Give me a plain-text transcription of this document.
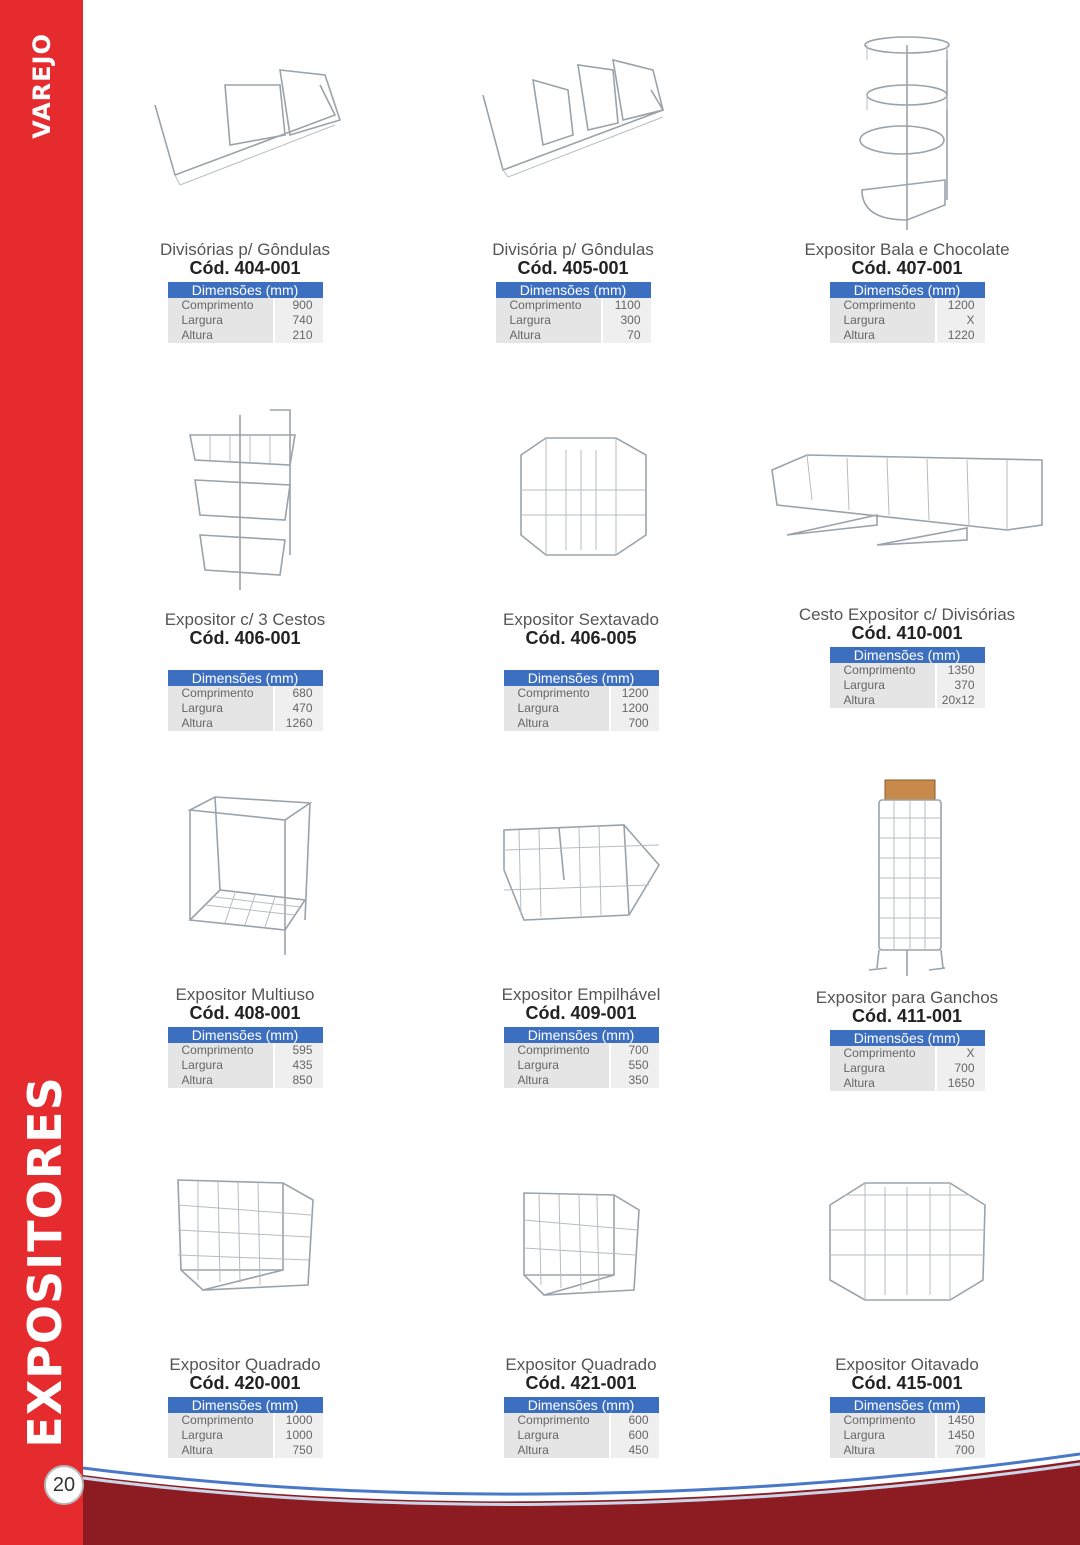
VAREJO
EXPOSITORES
20
Divisórias p/ Gôndulas
Cód. 404-001
Dimensões (mm)
Comprimento	900
Largura	740
Altura	210
Divisória p/ Gôndulas
Cód. 405-001
Dimensões (mm)
Comprimento	1100
Largura	300
Altura	70
Expositor Bala e Chocolate
Cód. 407-001
Dimensões (mm)
Comprimento	1200
Largura	X
Altura	1220
Expositor c/ 3 Cestos
Cód. 406-001
Dimensões (mm)
Comprimento	680
Largura	470
Altura	1260
Expositor Sextavado
Cód. 406-005
Dimensões (mm)
Comprimento	1200
Largura	1200
Altura	700
Cesto Expositor c/ Divisórias
Cód. 410-001
Dimensões (mm)
Comprimento	1350
Largura	370
Altura	20x12
Expositor Multiuso
Cód. 408-001
Dimensões (mm)
Comprimento	595
Largura	435
Altura	850
Expositor Empilhável
Cód. 409-001
Dimensões (mm)
Comprimento	700
Largura	550
Altura	350
Expositor para Ganchos
Cód. 411-001
Dimensões (mm)
Comprimento	X
Largura	700
Altura	1650
Expositor Quadrado
Cód. 420-001
Dimensões (mm)
Comprimento	1000
Largura	1000
Altura	750
Expositor Quadrado
Cód. 421-001
Dimensões (mm)
Comprimento	600
Largura	600
Altura	450
Expositor Oitavado
Cód. 415-001
Dimensões (mm)
Comprimento	1450
Largura	1450
Altura	700
